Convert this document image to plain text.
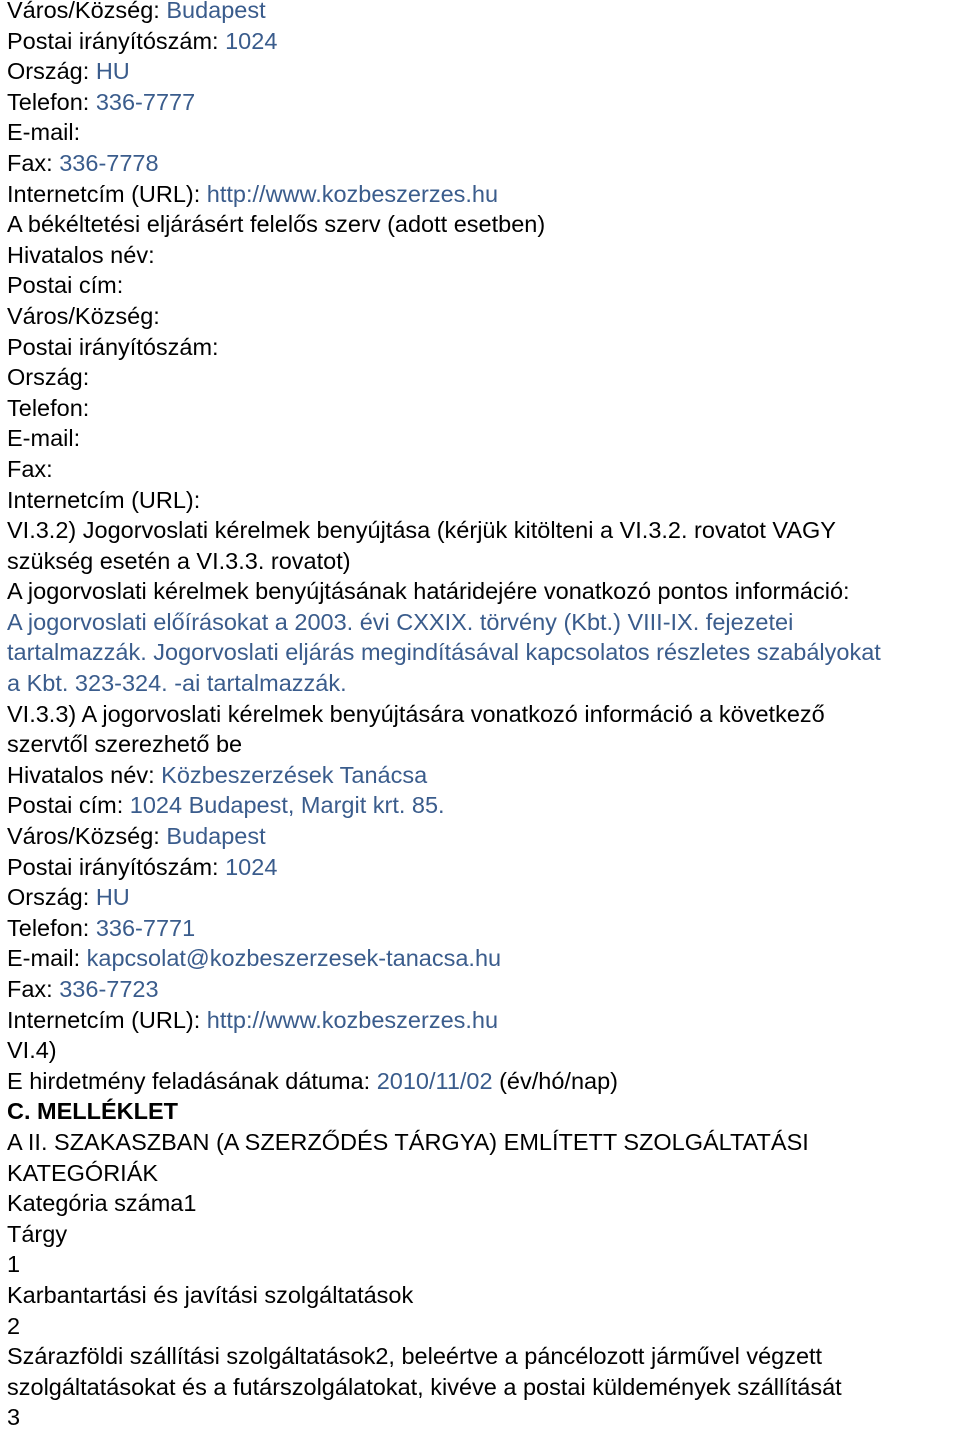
Város/Község: Budapest
Postai irányítószám: 1024
Ország: HU
Telefon: 336-7777
E-mail:
Fax: 336-7778
Internetcím (URL): http://www.kozbeszerzes.hu
A békéltetési eljárásért felelős szerv (adott esetben)
Hivatalos név:
Postai cím:
Város/Község:
Postai irányítószám:
Ország:
Telefon:
E-mail:
Fax:
Internetcím (URL):
VI.3.2) Jogorvoslati kérelmek benyújtása (kérjük kitölteni a VI.3.2. rovatot VAGY
szükség esetén a VI.3.3. rovatot)
A jogorvoslati kérelmek benyújtásának határidejére vonatkozó pontos információ:
A jogorvoslati előírásokat a 2003. évi CXXIX. törvény (Kbt.) VIII-IX. fejezetei
tartalmazzák. Jogorvoslati eljárás megindításával kapcsolatos részletes szabályokat
a Kbt. 323-324. -ai tartalmazzák.
VI.3.3) A jogorvoslati kérelmek benyújtására vonatkozó információ a következő
szervtől szerezhető be
Hivatalos név: Közbeszerzések Tanácsa
Postai cím: 1024 Budapest, Margit krt. 85.
Város/Község: Budapest
Postai irányítószám: 1024
Ország: HU
Telefon: 336-7771
E-mail: kapcsolat@kozbeszerzesek-tanacsa.hu
Fax: 336-7723
Internetcím (URL): http://www.kozbeszerzes.hu
VI.4)
E hirdetmény feladásának dátuma: 2010/11/02 (év/hó/nap)
C. MELLÉKLET
A II. SZAKASZBAN (A SZERZŐDÉS TÁRGYA) EMLÍTETT SZOLGÁLTATÁSI
KATEGÓRIÁK
Kategória száma1
Tárgy
1
Karbantartási és javítási szolgáltatások
2
Szárazföldi szállítási szolgáltatások2, beleértve a páncélozott járművel végzett
szolgáltatásokat és a futárszolgálatokat, kivéve a postai küldemények szállítását
3
